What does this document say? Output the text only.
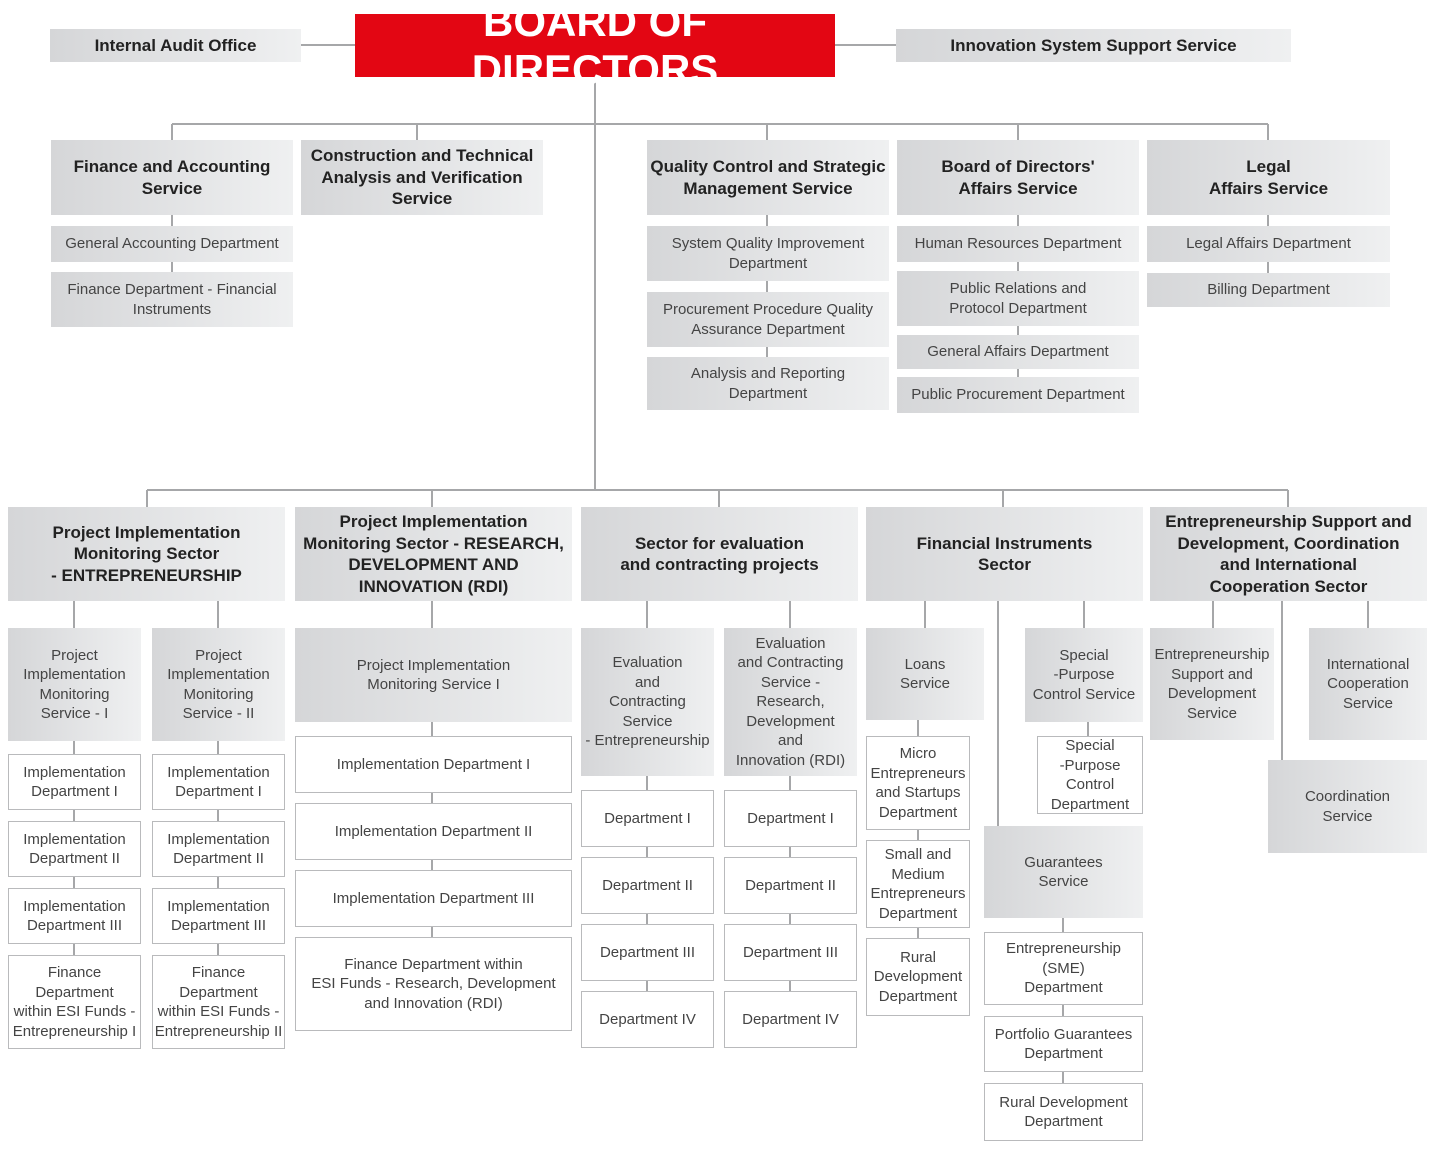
BOARD OF DIRECTORS
Internal Audit Office	Innovation System Support Service
Finance and Accounting
Service
General Accounting Department
Finance Department - Financial
Instruments
Construction and Technical
Analysis and Verification
Service
Quality Control and Strategic
Management Service
System Quality Improvement
Department
Procurement Procedure Quality
Assurance Department
Analysis and Reporting
Department
Board of Directors'
Affairs Service
Human Resources Department
Public Relations and
Protocol Department
General Affairs Department
Public Procurement Department
Legal
Affairs Service
Legal Affairs Department
Billing Department
Project Implementation
Monitoring Sector
- ENTREPRENEURSHIP
Project Implementation
Monitoring Sector - RESEARCH,
DEVELOPMENT AND
INNOVATION (RDI)
Sector for evaluation
and contracting projects
Financial Instruments
Sector
Entrepreneurship Support and
Development, Coordination
and International
Cooperation Sector
Project
Implementation
Monitoring
Service - I
Implementation
Department I
Implementation
Department II
Implementation
Department III
Finance
Department
within ESI Funds -
Entrepreneurship I
Project
Implementation
Monitoring
Service - II
Implementation
Department I
Implementation
Department II
Implementation
Department III
Finance
Department
within ESI Funds -
Entrepreneurship II
Project Implementation
Monitoring Service I
Implementation Department I
Implementation Department II
Implementation Department III
Finance Department within
ESI Funds - Research, Development
and Innovation (RDI)
Evaluation
and
Contracting
Service
- Entrepreneurship
Department I
Department II
Department III
Department IV
Evaluation
and Contracting
Service -
Research,
Development
and
Innovation (RDI)
Department I
Department II
Department III
Department IV
Loans
Service
Micro
Entrepreneurs
and Startups
Department
Small and
Medium
Entrepreneurs
Department
Rural
Development
Department
Special
-Purpose
Control Service
Special
-Purpose
Control
Department
Guarantees
Service
Entrepreneurship
(SME)
Department
Portfolio Guarantees
Department
Rural Development
Department
Entrepreneurship
Support and
Development
Service
International
Cooperation
Service
Coordination
Service
